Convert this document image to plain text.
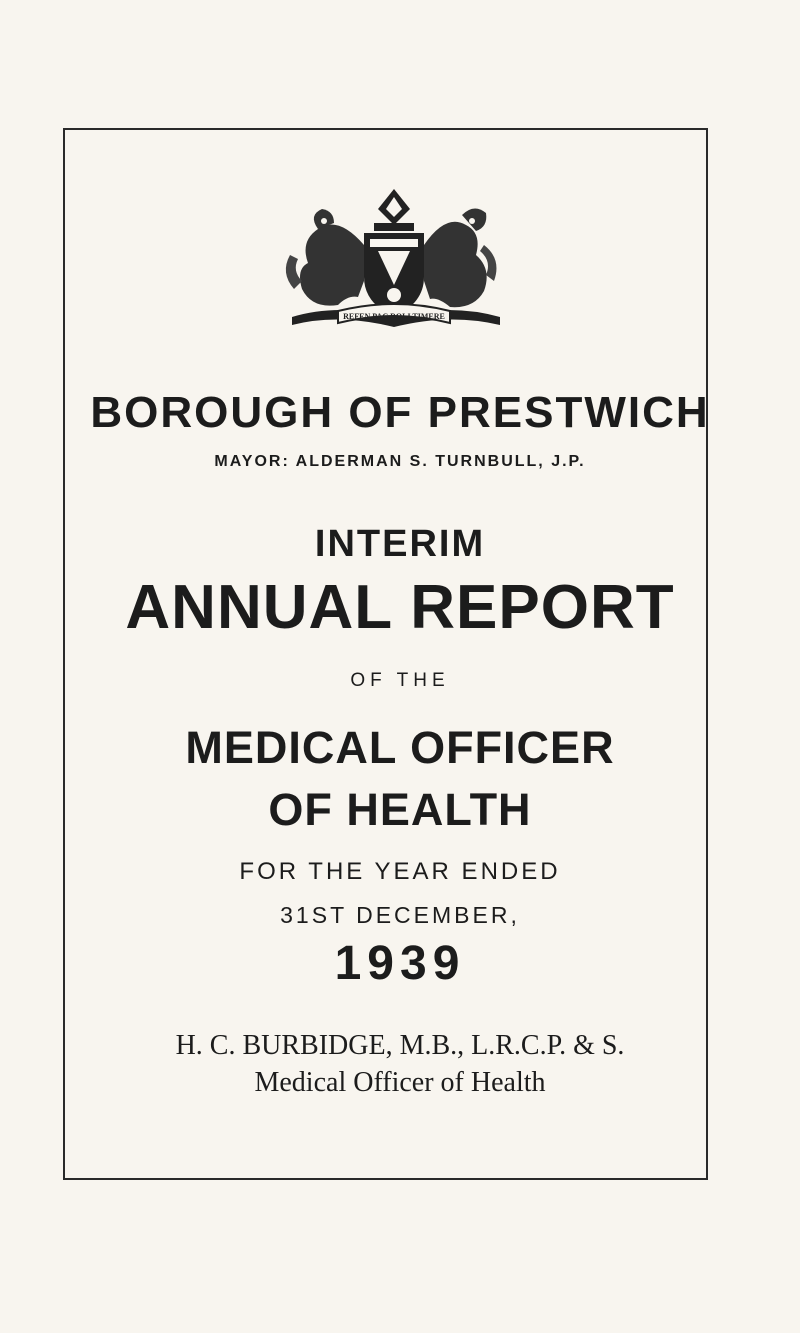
REFEN PAC ROLI TIMERE
BOROUGH OF PRESTWICH
MAYOR: ALDERMAN S. TURNBULL, J.P.
INTERIM
ANNUAL REPORT
OF THE
MEDICAL OFFICER
OF HEALTH
FOR THE YEAR ENDED
31ST DECEMBER,
1939
H. C. BURBIDGE, M.B., L.R.C.P. & S.
Medical Officer of Health
